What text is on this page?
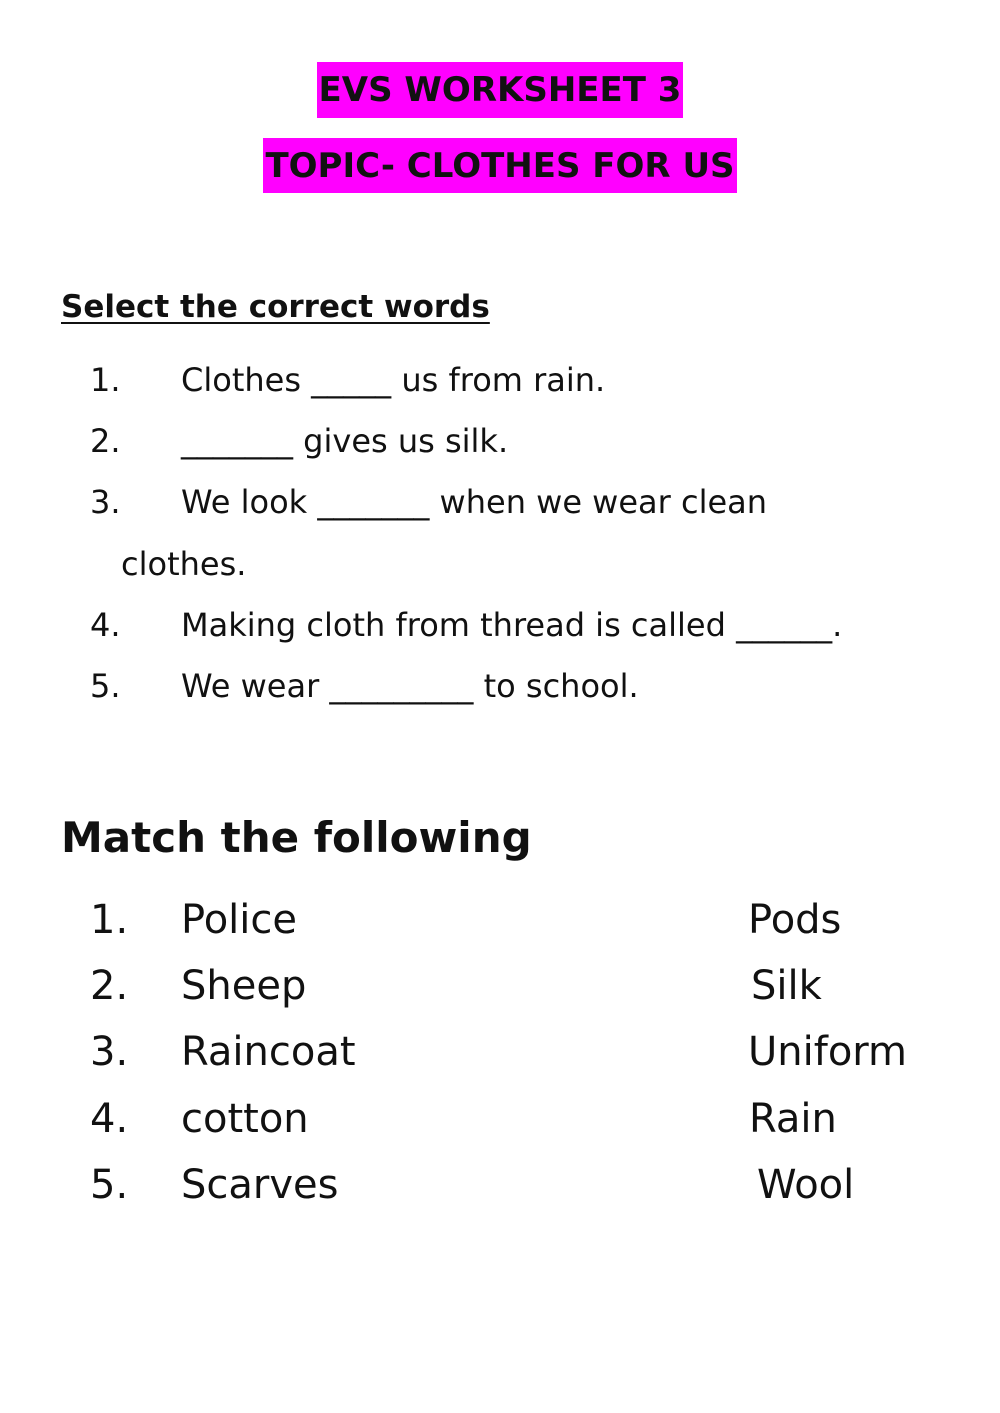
EVS WORKSHEET 3
TOPIC- CLOTHES FOR US
Select the correct words
1. Clothes _____ us from rain.
2. _______ gives us silk.
3. We look _______ when we wear clean
clothes.
4. Making cloth from thread is called ______.
5. We wear _________ to school.
Match the following
1. Police	Pods
2. Sheep	Silk
3. Raincoat	Uniform
4. cotton	Rain
5. Scarves	Wool
